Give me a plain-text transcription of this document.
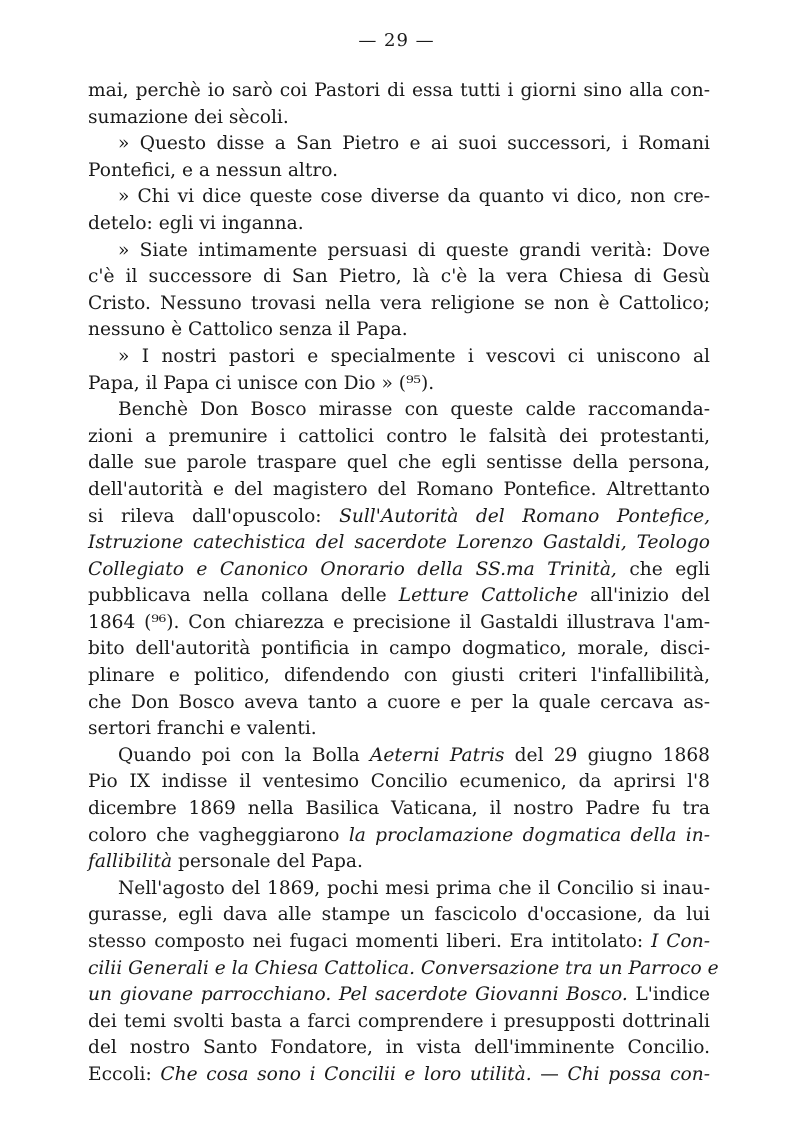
— 29 —
mai, perchè io sarò coi Pastori di essa tutti i giorni sino alla con-
sumazione dei sècoli.
» Questo disse a San Pietro e ai suoi successori, i Romani
Pontefici, e a nessun altro.
» Chi vi dice queste cose diverse da quanto vi dico, non cre-
detelo: egli vi inganna.
» Siate intimamente persuasi di queste grandi verità: Dove
c'è il successore di San Pietro, là c'è la vera Chiesa di Gesù
Cristo. Nessuno trovasi nella vera religione se non è Cattolico;
nessuno è Cattolico senza il Papa.
» I nostri pastori e specialmente i vescovi ci uniscono al
Papa, il Papa ci unisce con Dio » (⁹⁵).
Benchè Don Bosco mirasse con queste calde raccomanda-
zioni a premunire i cattolici contro le falsità dei protestanti,
dalle sue parole traspare quel che egli sentisse della persona,
dell'autorità e del magistero del Romano Pontefice. Altrettanto
si rileva dall'opuscolo: Sull'Autorità del Romano Pontefice,
Istruzione catechistica del sacerdote Lorenzo Gastaldi, Teologo
Collegiato e Canonico Onorario della SS.ma Trinità, che egli
pubblicava nella collana delle Letture Cattoliche all'inizio del
1864 (⁹⁶). Con chiarezza e precisione il Gastaldi illustrava l'am-
bito dell'autorità pontificia in campo dogmatico, morale, disci-
plinare e politico, difendendo con giusti criteri l'infallibilità,
che Don Bosco aveva tanto a cuore e per la quale cercava as-
sertori franchi e valenti.
Quando poi con la Bolla Aeterni Patris del 29 giugno 1868
Pio IX indisse il ventesimo Concilio ecumenico, da aprirsi l'8
dicembre 1869 nella Basilica Vaticana, il nostro Padre fu tra
coloro che vagheggiarono la proclamazione dogmatica della in-
fallibilità personale del Papa.
Nell'agosto del 1869, pochi mesi prima che il Concilio si inau-
gurasse, egli dava alle stampe un fascicolo d'occasione, da lui
stesso composto nei fugaci momenti liberi. Era intitolato: I Con-
cilii Generali e la Chiesa Cattolica. Conversazione tra un Parroco e
un giovane parrocchiano. Pel sacerdote Giovanni Bosco. L'indice
dei temi svolti basta a farci comprendere i presupposti dottrinali
del nostro Santo Fondatore, in vista dell'imminente Concilio.
Eccoli: Che cosa sono i Concilii e loro utilità. — Chi possa con-
